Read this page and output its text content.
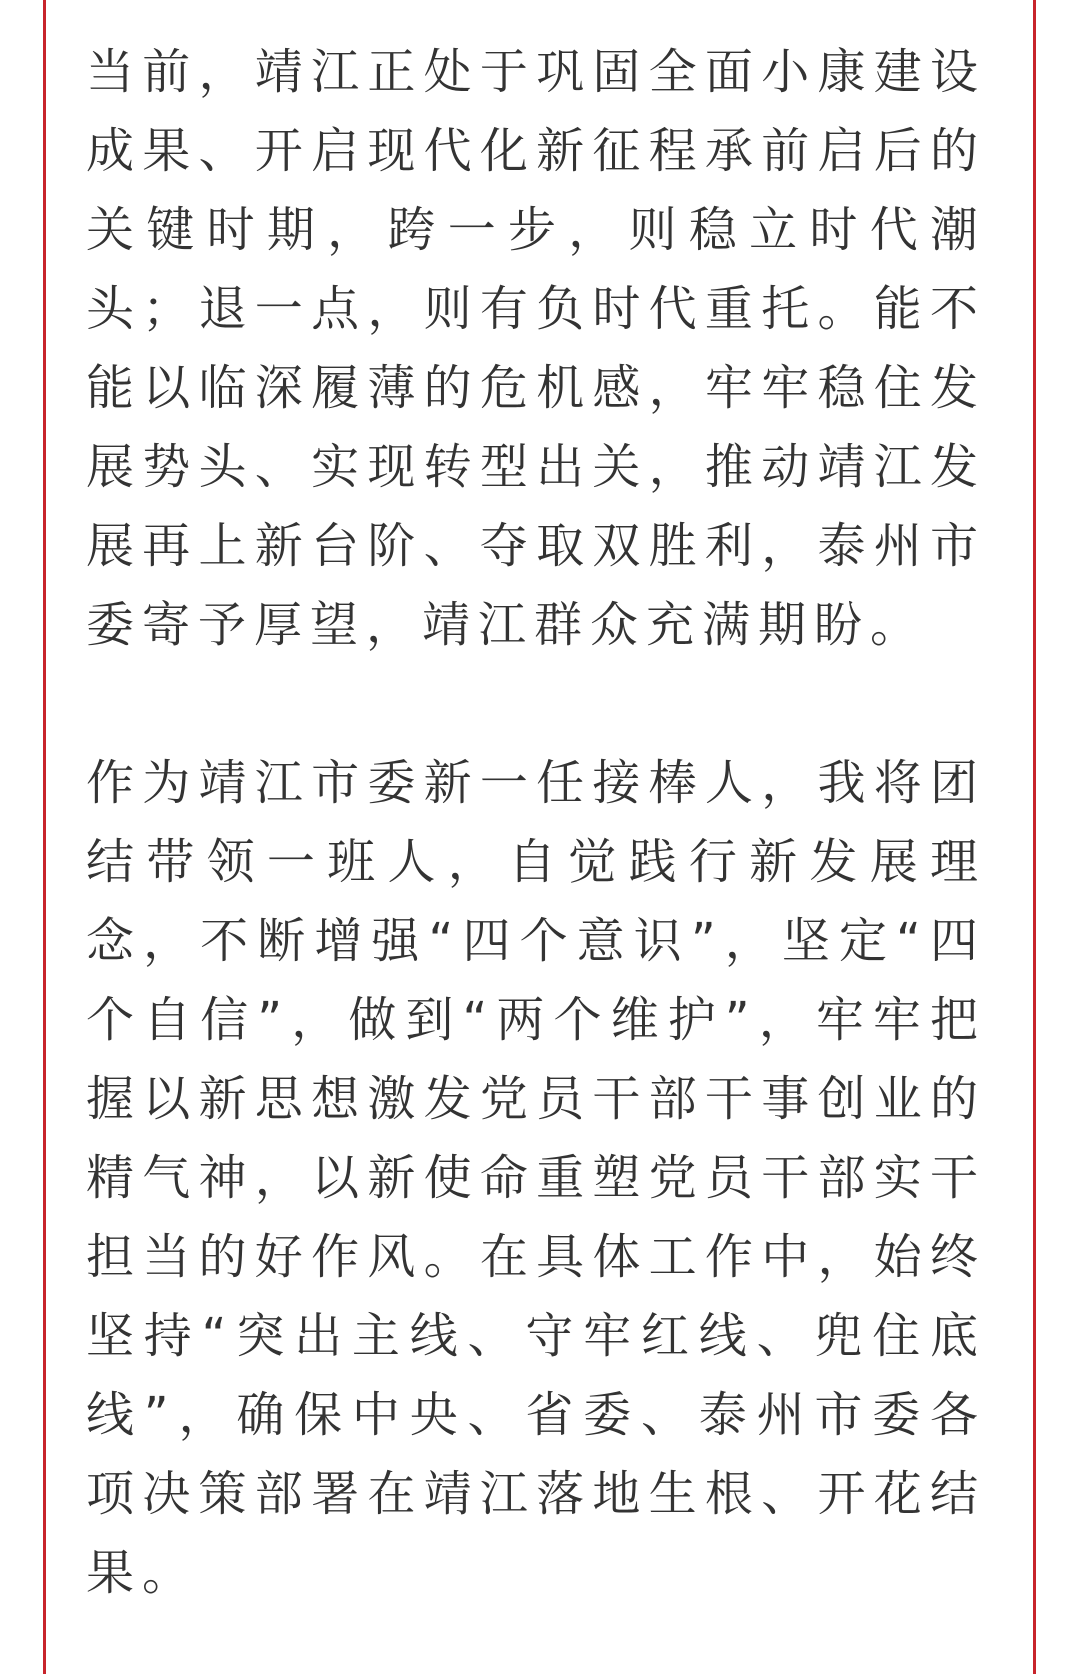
当前，靖江正处于巩固全面小康建设成果、开启现代化新征程承前启后的关键时期，跨一步，则稳立时代潮头；退一点，则有负时代重托。能不能以临深履薄的危机感，牢牢稳住发展势头、实现转型出关，推动靖江发展再上新台阶、夺取双胜利，泰州市委寄予厚望，靖江群众充满期盼。

作为靖江市委新一任接棒人，我将团结带领一班人，自觉践行新发展理念，不断增强“四个意识”，坚定“四个自信”，做到“两个维护”，牢牢把握以新思想激发党员干部干事创业的精气神，以新使命重塑党员干部实干担当的好作风。在具体工作中，始终坚持“突出主线、守牢红线、兜住底线”，确保中央、省委、泰州市委各项决策部署在靖江落地生根、开花结果。
